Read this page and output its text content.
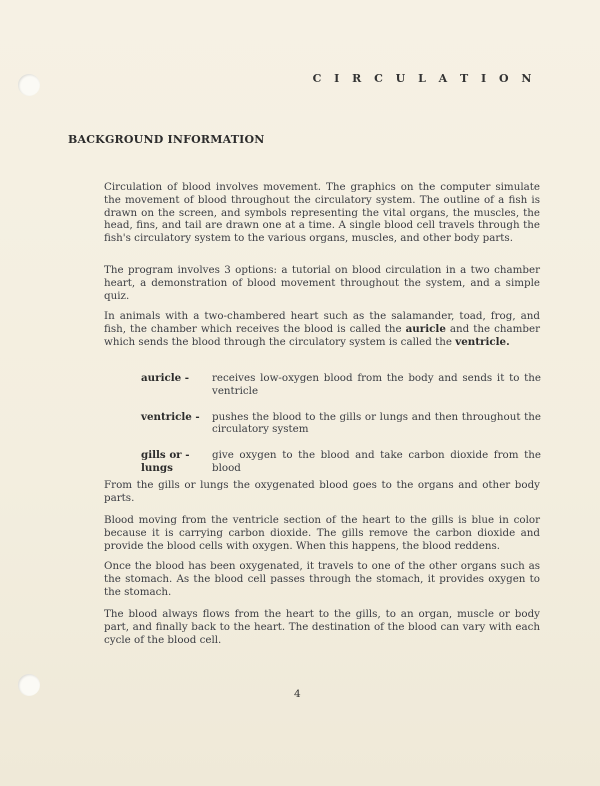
C I R C U L A T I O N
BACKGROUND INFORMATION

Circulation of blood involves movement. The graphics on the computer simulate the movement of blood throughout the circulatory system. The outline of a fish is drawn on the screen, and symbols representing the vital organs, the muscles, the head, fins, and tail are drawn one at a time. A single blood cell travels through the fish's circulatory system to the various organs, muscles, and other body parts.

The program involves 3 options: a tutorial on blood circulation in a two chamber heart, a demonstration of blood movement throughout the system, and a simple quiz.

In animals with a two-chambered heart such as the salamander, toad, frog, and fish, the chamber which receives the blood is called the auricle and the chamber which sends the blood through the circulatory system is called the ventricle.

auricle -	receives low-oxygen blood from the body and sends it to the ventricle
ventricle -	pushes the blood to the gills or lungs and then throughout the circulatory system
gills or - lungs
give oxygen to the blood and take carbon dioxide from the blood

From the gills or lungs the oxygenated blood goes to the organs and other body parts.

Blood moving from the ventricle section of the heart to the gills is blue in color because it is carrying carbon dioxide. The gills remove the carbon dioxide and provide the blood cells with oxygen. When this happens, the blood reddens.

Once the blood has been oxygenated, it travels to one of the other organs such as the stomach. As the blood cell passes through the stomach, it provides oxygen to the stomach.

The blood always flows from the heart to the gills, to an organ, muscle or body part, and finally back to the heart. The destination of the blood can vary with each cycle of the blood cell.

4
